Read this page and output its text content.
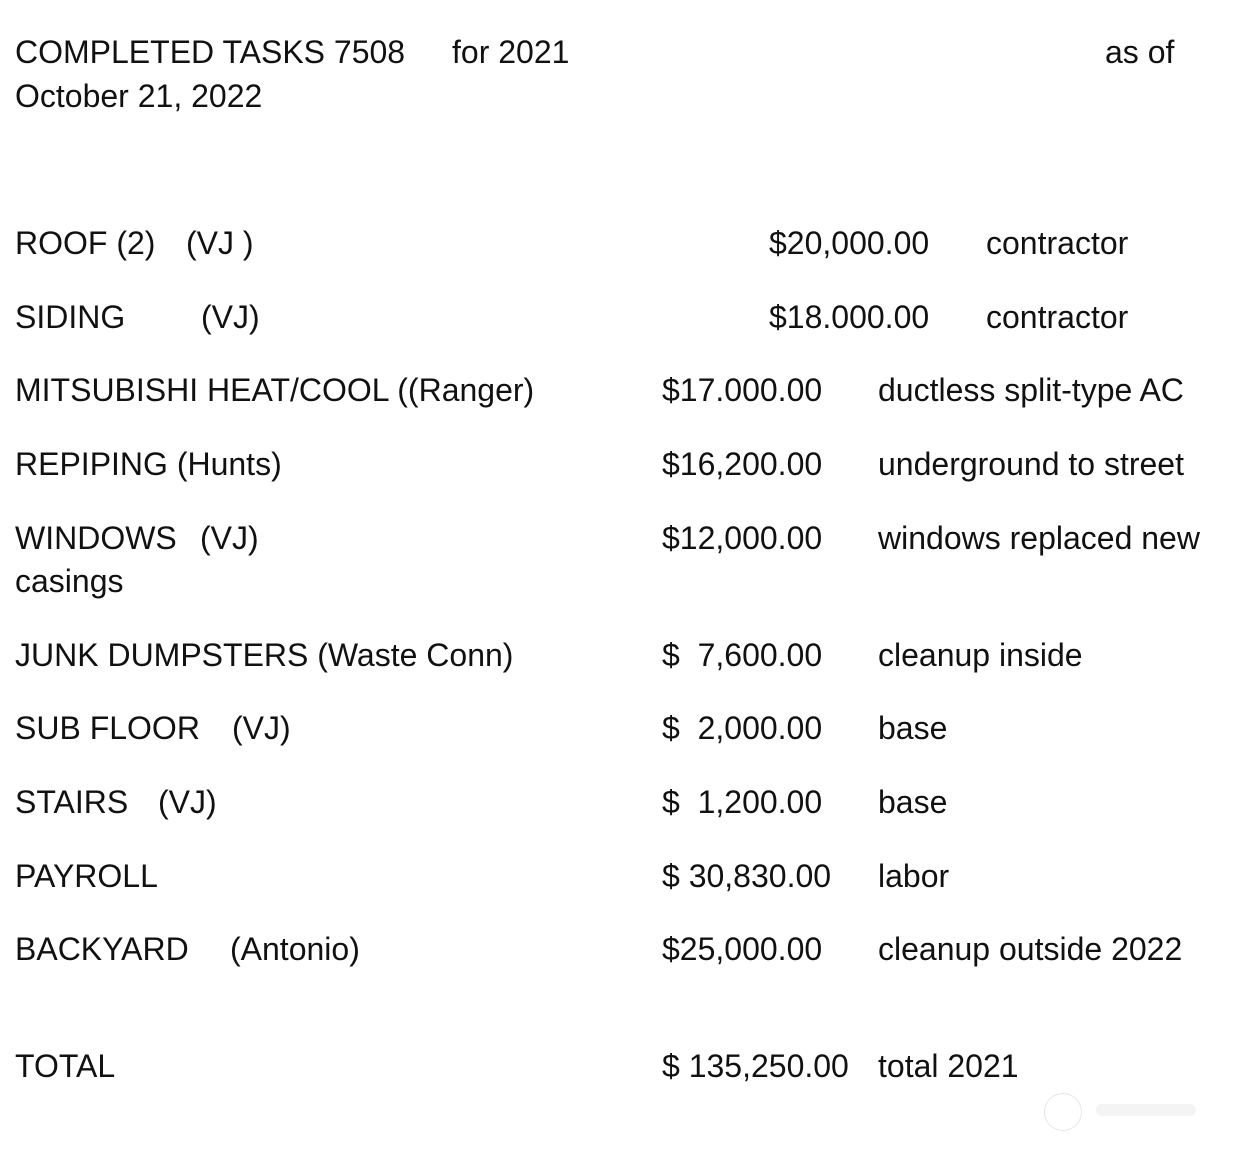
COMPLETED TASKS 7508 for 2021	as of
October 21, 2022
ROOF (2) (VJ )	$20,000.00 contractor
SIDING (VJ)	$18.000.00 contractor
MITSUBISHI HEAT/COOL ((Ranger)	$17.000.00 ductless split-type AC
REPIPING (Hunts)	$16,200.00 underground to street
WINDOWS (VJ)	$12,000.00 windows replaced new
casings
JUNK DUMPSTERS (Waste Conn)	$  7,600.00 cleanup inside
SUB FLOOR (VJ)	$  2,000.00 base
STAIRS (VJ)	$  1,200.00 base
PAYROLL	$ 30,830.00 labor
BACKYARD (Antonio)	$25,000.00 cleanup outside 2022
TOTAL	$ 135,250.00 total 2021
